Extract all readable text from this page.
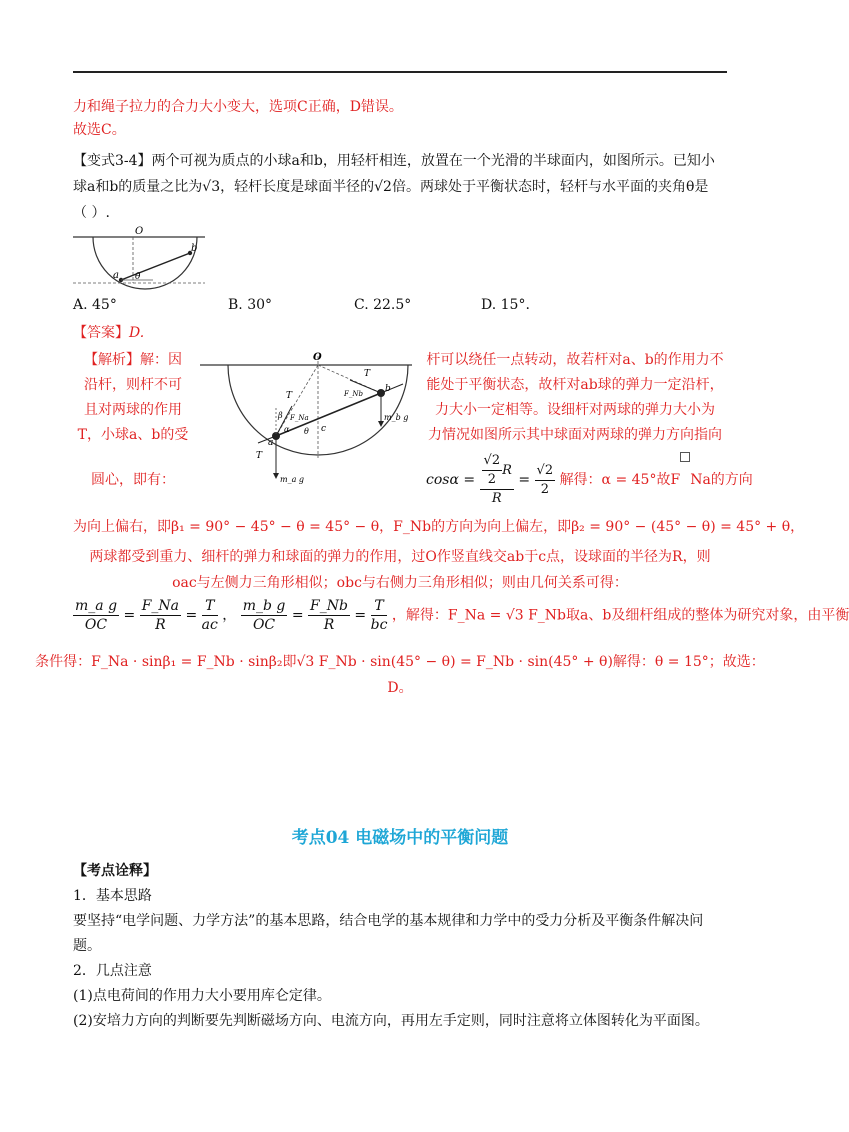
力和绳子拉力的合力大小变大，选项C正确，D错误。
故选C。
【变式3-4】两个可视为质点的小球a和b，用轻杆相连，放置在一个光滑的半球面内，如图所示。已知小
球a和b的质量之比为√3，轻杆长度是球面半径的√2倍。两球处于平衡状态时，轻杆与水平面的夹角θ是
（ ）.
O
a
b
θ
A. 45°	B. 30°	C. 22.5°	D. 15°.
【答案】D.
【解析】解：因
沿杆，则杆不可
且对两球的作用
T，小球a、b的受
圆心，即有：
O
a
b
c
T
T
T
F_Na
F_Nb
m_a g
m_b g
α
β
θ
杆可以绕任一点转动，故若杆对a、b的作用力不
能处于平衡状态，故杆对ab球的弹力一定沿杆，
力大小一定相等。设细杆对两球的弹力大小为
力情况如图所示其中球面对两球的弹力方向指向
$\cos\alpha = \frac{\frac{√2}{2} R}{R} = \frac{√2}{2}$ 解得：α = 45°故F Na的方向
为向上偏右，即β₁ = 90° − 45° − θ = 45° − θ，F_Nb的方向为向上偏左，即β₂ = 90° − (45° − θ) = 45° + θ，
两球都受到重力、细杆的弹力和球面的弹力的作用，过O作竖直线交ab于c点，设球面的半径为R，则
oac与左侧力三角形相似；obc与右侧力三角形相似；则由几何关系可得：
$\frac{\text{m\_a g}}{OC} = \frac{F\_Na}{R} = \frac{T}{ac}$ ， $\frac{\text{m\_b g}}{OC} = \frac{F\_Nb}{R} = \frac{T}{bc}$ ，解得：F_Na = √3 F_Nb取a、b及细杆组成的整体为研究对象，由平衡
条件得：F_Na · sinβ₁ = F_Nb · sinβ₂即√3 F_Nb · sin(45° − θ) = F_Nb · sin(45° + θ)解得：θ = 15°；故选：
D。
考点04 电磁场中的平衡问题
【考点诠释】
1．基本思路
要坚持“电学问题、力学方法”的基本思路，结合电学的基本规律和力学中的受力分析及平衡条件解决问
题。
2．几点注意
(1)点电荷间的作用力大小要用库仑定律。
(2)安培力方向的判断要先判断磁场方向、电流方向，再用左手定则，同时注意将立体图转化为平面图。
